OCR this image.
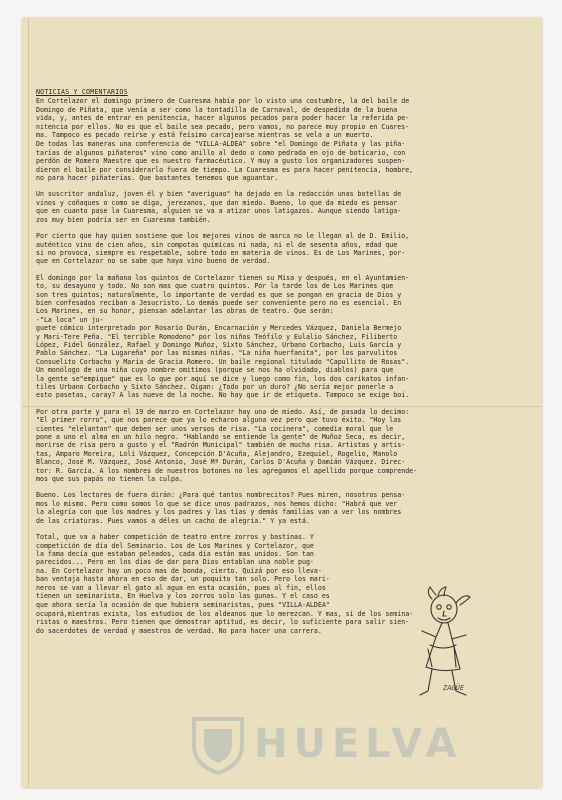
NOTICIAS Y COMENTARIOS

En Cortelazor el domingo primero de Cuaresma había por lo visto una costumbre, la del baile de
Domingo de Piñata, que venía a ser como la tontadilla de Carnaval, de despedida de la buena
vida, y, antes de entrar en penitencia, hacer algunos pecados para poder hacer la referida pe-
nitencia por ellos. No es que el baile sea pecado, pero vamos, no parece muy propio en Cuares-
ma. Tampoco es pecado reirse y está feísimo carcajearse mientras se vela a un muerto.

De todas las maneras una conferencia de "VILLA-ALDEA" sobre "el Domingo de Piñata y las piña-
tarías de algunos piñateros" vino como anillo al dedo o como pedrada en ojo de boticario, con
perdón de Romero Maestre que es nuestro farmacéutico. Y muy a gusto los organizadores suspen-
dieron el baile por considerarlo fuera de tiempo. La Cuaresma es para hacer penitencia, hombre,
no para hacer piñaterías. Que bastantes tenemos que aguantar.

Un suscritor andaluz, joven él y bien "averiguao" ha dejado en la redacción unas botellas de
vinos y coñaques o como se diga, jerezanos, que dan miedo. Bueno, lo que da miedo es pensar
que en cuanto pase la Cuaresma, alguien se va a atizar unos latigazos. Aunque siendo latiga-
zos muy bien podría ser en Cuaresma también.

Por cierto que hay quien sostiene que los mejores vinos de marca no le llegan al de D. Emilio,
auténtico vino de cien años, sin compotas químicas ni nada, ni el de sesenta años, edad que
si no provoca, siempre es respetable, sobre todo en materia de vinos. Es de Los Marines, por-
que en Cortelazor no se sabe que haya vino bueno de verdad.

El domingo por la mañana los quintos de Cortelazor tienen su Misa y después, en el Ayuntamien-
to, su desayuno y todo. No son mas que cuatro quintos. Por la tarde los de Los Marines que
son tres quintos; naturalmente, lo importante de verdad es que se pongan en gracia de Dios y
bien confesados reciban a Jesucristo. Lo demás puede ser conveniente pero no es esencial. En
Los Marines, en su honor, piensan adelantar las obras de teatro. Que serán:
-"La loca" un ju-
guete cómico interpretado por Rosario Durán, Encarnación y Mercedes Vázquez, Daniela Bermejo
y Mari-Tere Peña. "El terrible Romodono" por los niños Teófilo y Eulalio Sánchez, Filiberto
López, Fidel González, Rafael y Domingo Muñoz, Sixto Sánchez, Urbano Corbacho, Luis García y
Pablo Sánchez. "La Lugareña" por las mismas niñas. "La niña huerfanita", por los parvulitos
Consuelito Corbacho y María de Gracia Romero. Un baile regional titulado "Capullito de Rosas".
Un monólogo de una niña cuyo nombre omitimos (porque se nos ha olvidado, diablos) para que
la gente se"empique" que es lo que por aquí se dice y luego como fin, los dos carikatos infan-
tiles Urbano Corbacho y Sixto Sánchez. Oigan: ¿Todo por un duro? ¿No sería mejor ponerle a
esto pasetas, caray? A las nueve de la noche. No hay que ir de etiqueta. Tampoco se exige boi.

Por otra parte y para el 19 de marzo en Cortelazor hay una de miedo. Así, de pasada lo decimo:
"El primer rorro", que nos parece que ya lo echaron alguna vez pero que tuvo éxito. "Hoy las
cientes "elelantan" que deben ser unos versos de risa. "La cocinera", comedia moral que le
pone a uno el alma en un hilo negro. "Hablando se entiende la gente" de Muñoz Seca, es decir,
morirse de risa pero a gusto y el "Radrón Municipal" también de mucha risa. Artistas y artis-
tas, Amparo Moreira, Loli Vázquez, Concepción D'Acuña, Alejandro, Ezequiel, Rogelio, Manolo
Blanco, José M. Vázquez, José Antonio, José Mª Durán, Carlos D'Acuña y Damián Vázquez. Direc-
tor: R. García. A los nombres de nuestros botones no les agregamos el apellido porque comprende-
mos que sus papás no tienen la culpa.

Bueno. Los lectores de fuera dirán: ¿Para qué tantos nombrecitos? Pues miren, nosotros pensa-
mos lo mismo. Pero como somos lo que se dice unos padrazos, nos hemos dicho: "Habrá que ver
la alegría con que los madres y los padres y las tías y demás familias van a ver los nombres
de las criaturas. Pues vamos a déles un cacho de alegría." Y ya está.

Total, que va a haber competición de teatro entre zorros y bastinas. Y
competición de día del Seminario. Los de Los Marines y Cortelazor, que
la fama decía que estaban peleados, cada día están mas unidos. Son tan
parecidos... Pero en los días de dar para Dios entablan una noble pug-
na. En Cortelazor hay un poco mas de bonda, cierto. Quizá por eso lleva-
ban ventaja hasta ahora en eso de dar, un poquito tan solo. Pero los mari-
neros se van a llevar el gato al agua en esta ocasión, pues al fin, ellos
tienen un seminarista. En Huelva y los zorros solo las gunas. Y el caso es

que ahora sería la ocasión de que hubiera seminaristas, pues "VILLA-ALDEA"
ocupará,mientras exista, los estudios de los aldeanos que lo merezcan. Y mas, si de los semina-
ristas o maestros. Pero tienen que demostrar aptitud, es decir, lo suficiente para salir sien-
do sacerdotes de verdad y maestros de verdad. No para hacer una carrera.

ZAGÜE
HUELVA
